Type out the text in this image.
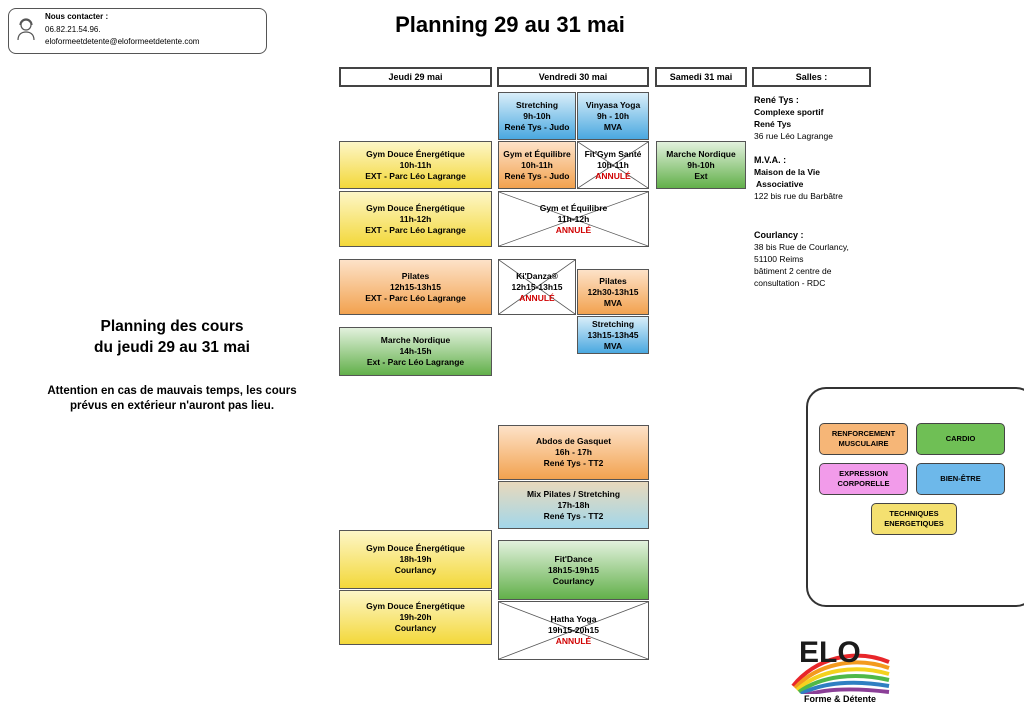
Nous contacter :
06.82.21.54.96.
eloformeetdetente@eloformeetdetente.com
Planning 29 au 31 mai
Jeudi 29 mai	Vendredi 30 mai	Samedi 31 mai	Salles :
Stretching
9h-10h
René Tys - Judo
Vinyasa Yoga
9h - 10h
MVA
Gym Douce Énergétique
10h-11h
EXT - Parc Léo Lagrange
Gym et Équilibre
10h-11h
René Tys - Judo
Fit'Gym Santé
10h-11h
ANNULÉ
Marche Nordique
9h-10h
Ext
Gym Douce Énergétique
11h-12h
EXT - Parc Léo Lagrange
Gym et Équilibre
11h-12h
ANNULÉ
Pilates
12h15-13h15
EXT - Parc Léo Lagrange
Ki'Danza®
12h15-13h15
ANNULÉ
Pilates
12h30-13h15
MVA
Stretching
13h15-13h45
MVA
Marche Nordique
14h-15h
Ext - Parc Léo Lagrange
Abdos de Gasquet
16h - 17h
René Tys - TT2
Mix Pilates / Stretching
17h-18h
René Tys - TT2
Gym Douce Énergétique
18h-19h
Courlancy
Fit'Dance
18h15-19h15
Courlancy
Gym Douce Énergétique
19h-20h
Courlancy
Hatha Yoga
19h15-20h15
ANNULÉ
René Tys :
Complexe sportif
René Tys
36 rue Léo Lagrange
M.V.A. :
Maison de la Vie
Associative
122 bis rue du Barbâtre
Courlancy :
38 bis Rue de Courlancy,
51100 Reims
bâtiment 2 centre de
consultation - RDC
Planning des cours
du jeudi 29 au 31 mai
Attention en cas de mauvais temps, les cours
prévus en extérieur n'auront pas lieu.
RENFORCEMENT
MUSCULAIRE
CARDIO
EXPRESSION
CORPORELLE
BIEN-ÊTRE
TECHNIQUES
ENERGETIQUES
ELO
Forme & Détente
